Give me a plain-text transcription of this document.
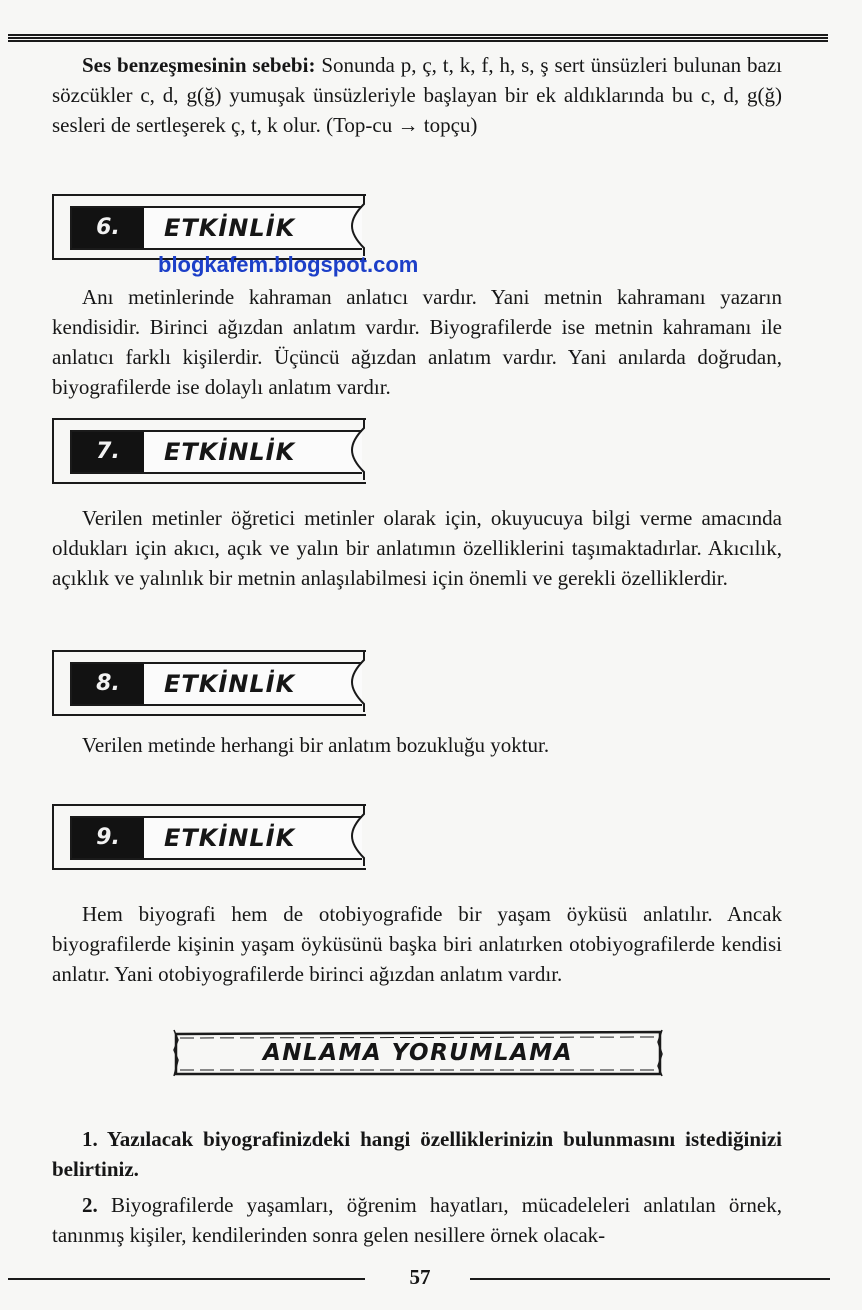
Ses benzeşmesinin sebebi: Sonunda p, ç, t, k, f, h, s, ş sert ünsüzleri bulunan bazı sözcükler c, d, g(ğ) yumuşak ünsüzleriyle başlayan bir ek aldıklarında bu c, d, g(ğ) sesleri de sertleşerek ç, t, k olur. (Top-cu → topçu)

6.	ETKİNLİK
blogkafem.blogspot.com

Anı metinlerinde kahraman anlatıcı vardır. Yani metnin kahramanı yazarın kendisidir. Birinci ağızdan anlatım vardır. Biyografilerde ise metnin kahramanı ile anlatıcı farklı kişilerdir. Üçüncü ağızdan anlatım vardır. Yani anılarda doğrudan, biyografilerde ise dolaylı anlatım vardır.

7.	ETKİNLİK

Verilen metinler öğretici metinler olarak için, okuyucuya bilgi verme amacında oldukları için akıcı, açık ve yalın bir anlatımın özelliklerini taşımaktadırlar. Akıcılık, açıklık ve yalınlık bir metnin anlaşılabilmesi için önemli ve gerekli özelliklerdir.

8.	ETKİNLİK

Verilen metinde herhangi bir anlatım bozukluğu yoktur.

9.	ETKİNLİK

Hem biyografi hem de otobiyografide bir yaşam öyküsü anlatılır. Ancak biyografilerde kişinin yaşam öyküsünü başka biri anlatırken otobiyografilerde kendisi anlatır. Yani otobiyografilerde birinci ağızdan anlatım vardır.

ANLAMA YORUMLAMA

1. Yazılacak biyografinizdeki hangi özelliklerinizin bulunmasını istediğinizi belirtiniz.

2. Biyografilerde yaşamları, öğrenim hayatları, mücadeleleri anlatılan örnek, tanınmış kişiler, kendilerinden sonra gelen nesillere örnek olacak-

57
